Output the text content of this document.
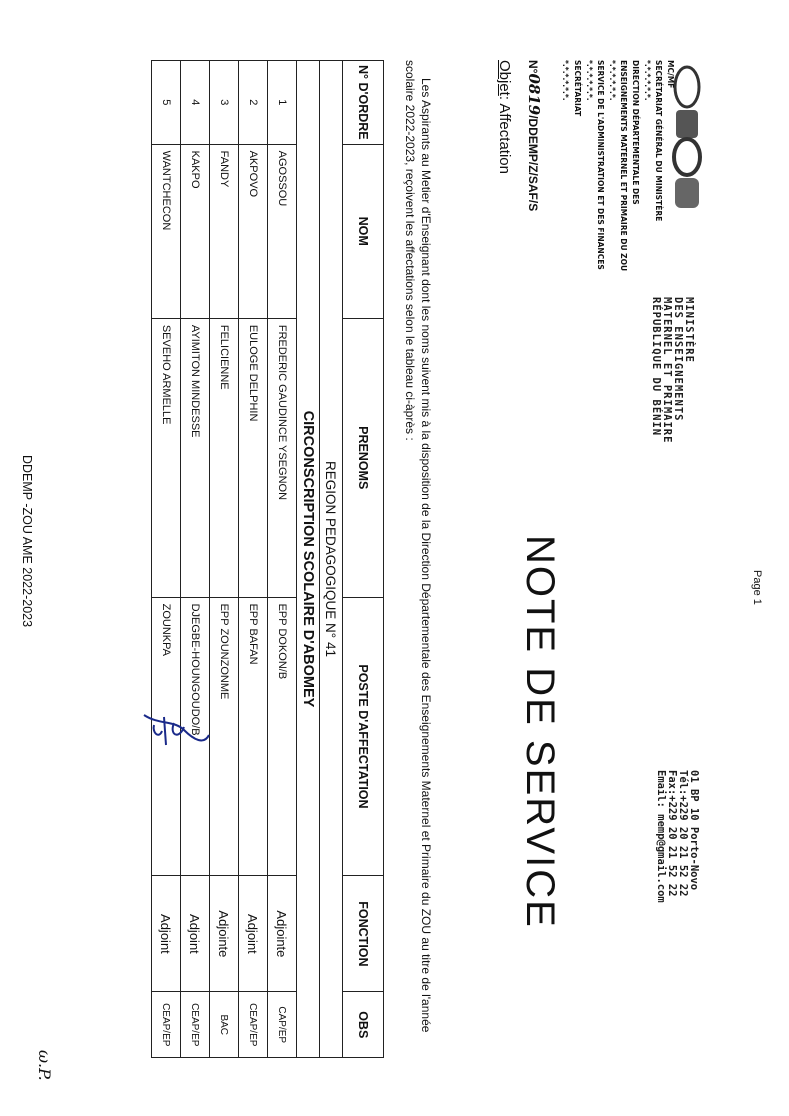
Page 1
MC/MF
SECRÉTARIAT GÉNÉRAL DU MINISTÈRE
*.*.*.*.*.*.
DIRECTION DÉPARTEMENTALE DES
ENSEIGNEMENTS MATERNEL ET PRIMAIRE DU ZOU
*.*.*.*.*.*.
SERVICE DE L'ADMINISTRATION ET DES FINANCES
*.*.*.*.*.*.
SECRÉTARIAT
*.*.*.*.*.*.
MINISTÈRE
DES ENSEIGNEMENTS
MATERNEL ET PRIMAIRE
RÉPUBLIQUE DU BÉNIN
01 BP 10 Porto-Novo
Tél:+229 20 21 52 22
Fax:+229 20 21 52 22
Email: memp@gmail.com
NOTE DE SERVICE
N°0819/DDEMP/Z/SAF/S
Objet: Affectation

Les Aspirants au Metier d'Enseignant dont les noms suivent mis à la disposition de la Direction Départementale des Enseignements Maternel et Primaire du ZOU au titre de l'année scolaire 2022-2023, reçoivent les affectations selon le tableau ci-àprès :

N° D'ORDRE	NOM	PRENOMS	POSTE D'AFFECTATION	FONCTION	OBS
REGION PEDAGOGIQUE N° 41					
CIRCONSCRIPTION SCOLAIRE D'ABOMEY					
1	AGOSSOU	FREDERIC GAUDINCE YSEGNON	EPP DOKON/B	Adjointe	CAP/EP
2	AKPOVO	EULOGE DELPHIN	EPP BAFAN	Adjoint	CEAP/EP
3	FANDY	FELICIENNE	EPP ZOUNZONME	Adjointe	BAC
4	KAKPO	AYIMITON MINDESSE	DJEGBE-HOUNGOUDO/B	Adjoint	CEAP/EP
5	WANTCHECON	SEVEHO ARMELLE	ZOUNKPA	Adjoint	CEAP/EP
DDEMP -ZOU AME 2022-2023
ω.P.
